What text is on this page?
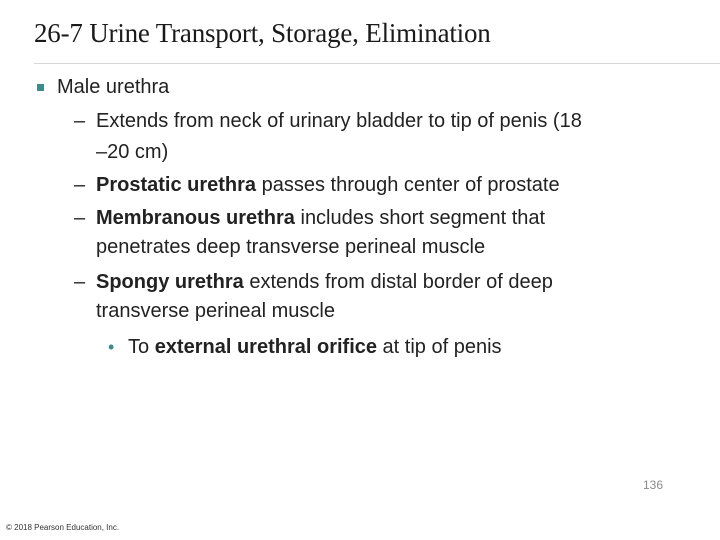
26-7 Urine Transport, Storage, Elimination
Male urethra
– Extends from neck of urinary bladder to tip of penis (18
–20 cm)
– Prostatic urethra passes through center of prostate
– Membranous urethra includes short segment that
penetrates deep transverse perineal muscle
– Spongy urethra extends from distal border of deep
transverse perineal muscle
• To external urethral orifice at tip of penis
136
© 2018 Pearson Education, Inc.
